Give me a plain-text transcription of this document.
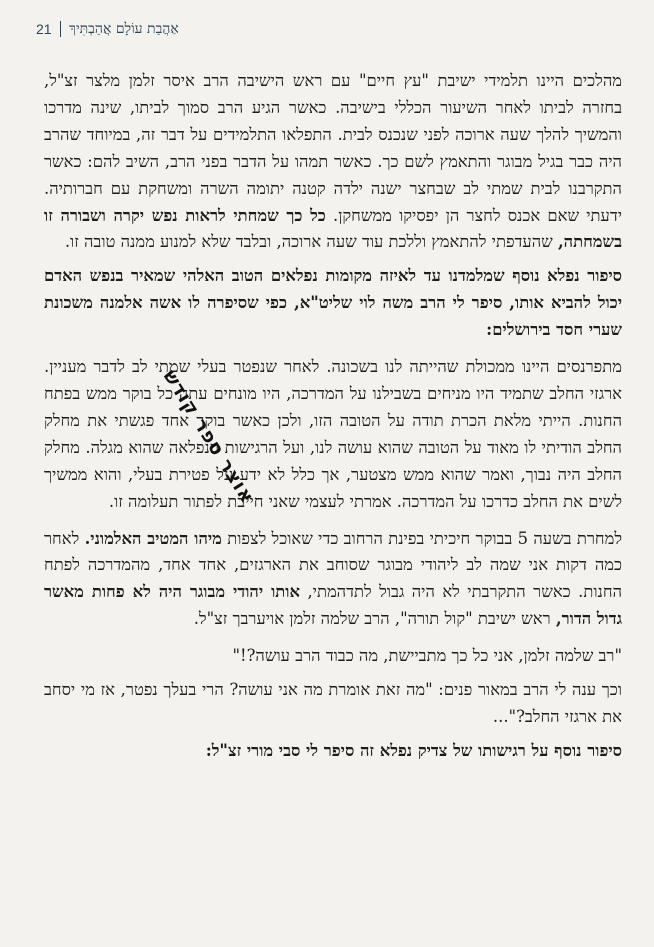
21 אַהֲבַת עוֹלָם אֲהַבְתִּיךְ

מהלכים היינו תלמידי ישיבת "עץ חיים" עם ראש הישיבה הרב איסר זלמן מלצר זצ"ל, בחזרה לביתו לאחר השיעור הכללי בישיבה. כאשר הגיע הרב סמוך לביתו, שינה מדרכו והמשיך להלך שעה ארוכה לפני שנכנס לבית. התפלאו התלמידים על דבר זה, במיוחד שהרב היה כבר בגיל מבוגר והתאמץ לשם כך. כאשר תמהו על הדבר בפני הרב, השיב להם: כאשר התקרבנו לבית שמתי לב שבחצר ישנה ילדה קטנה יתומה השרה ומשחקת עם חברותיה. ידעתי שאם אכנס לחצר הן יפסיקו ממשחקן. כל כך שמחתי לראות נפש יקרה ושבורה זו בשמחתה, שהעדפתי להתאמץ וללכת עוד שעה ארוכה, ובלבד שלא למנוע ממנה טובה זו.

סיפור נפלא נוסף שמלמדנו עד לאיזה מקומות נפלאים הטוב האלהי שמאיר בנפש האדם יכול להביא אותו, סיפר לי הרב משה לוי שליט"א, כפי שסיפרה לו אשה אלמנה משכונת שערי חסד בירושלים:

מתפרנסים היינו ממכולת שהייתה לנו בשכונה. לאחר שנפטר בעלי שמתי לב לדבר מעניין. ארגזי החלב שתמיד היו מניחים בשבילנו על המדרכה, היו מונחים עתה כל בוקר ממש בפתח החנות. הייתי מלאת הכרת תודה על הטובה הזו, ולכן כאשר בוקר אחד פגשתי את מחלק החלב הודיתי לו מאוד על הטובה שהוא עושה לנו, ועל הרגישות הנפלאה שהוא מגלה. מחלק החלב היה נבוך, ואמר שהוא ממש מצטער, אך כלל לא ידע על פטירת בעלי, והוא ממשיך לשים את החלב כדרכו על המדרכה. אמרתי לעצמי שאני חייבת לפתור תעלומה זו.

למחרת בשעה 5 בבוקר חיכיתי בפינת הרחוב כדי שאוכל לצפות מיהו המטיב האלמוני. לאחר כמה דקות אני שמה לב ליהודי מבוגר שסוחב את הארגזים, אחד אחד, מהמדרכה לפתח החנות. כאשר התקרבתי לא היה גבול לתדהמתי, אותו יהודי מבוגר היה לא פחות מאשר גדול הדור, ראש ישיבת "קול תורה", הרב שלמה זלמן אויערבך זצ"ל.

"רב שלמה זלמן, אני כל כך מתביישת, מה כבוד הרב עושה?!"

וכך ענה לי הרב במאור פנים: "מה זאת אומרת מה אני עושה? הרי בעלך נפטר, אז מי יסחב את ארגזי החלב?"...

סיפור נוסף על רגישותו של צדיק נפלא זה סיפר לי סבי מורי זצ"ל:

אוצר ספר קודש
